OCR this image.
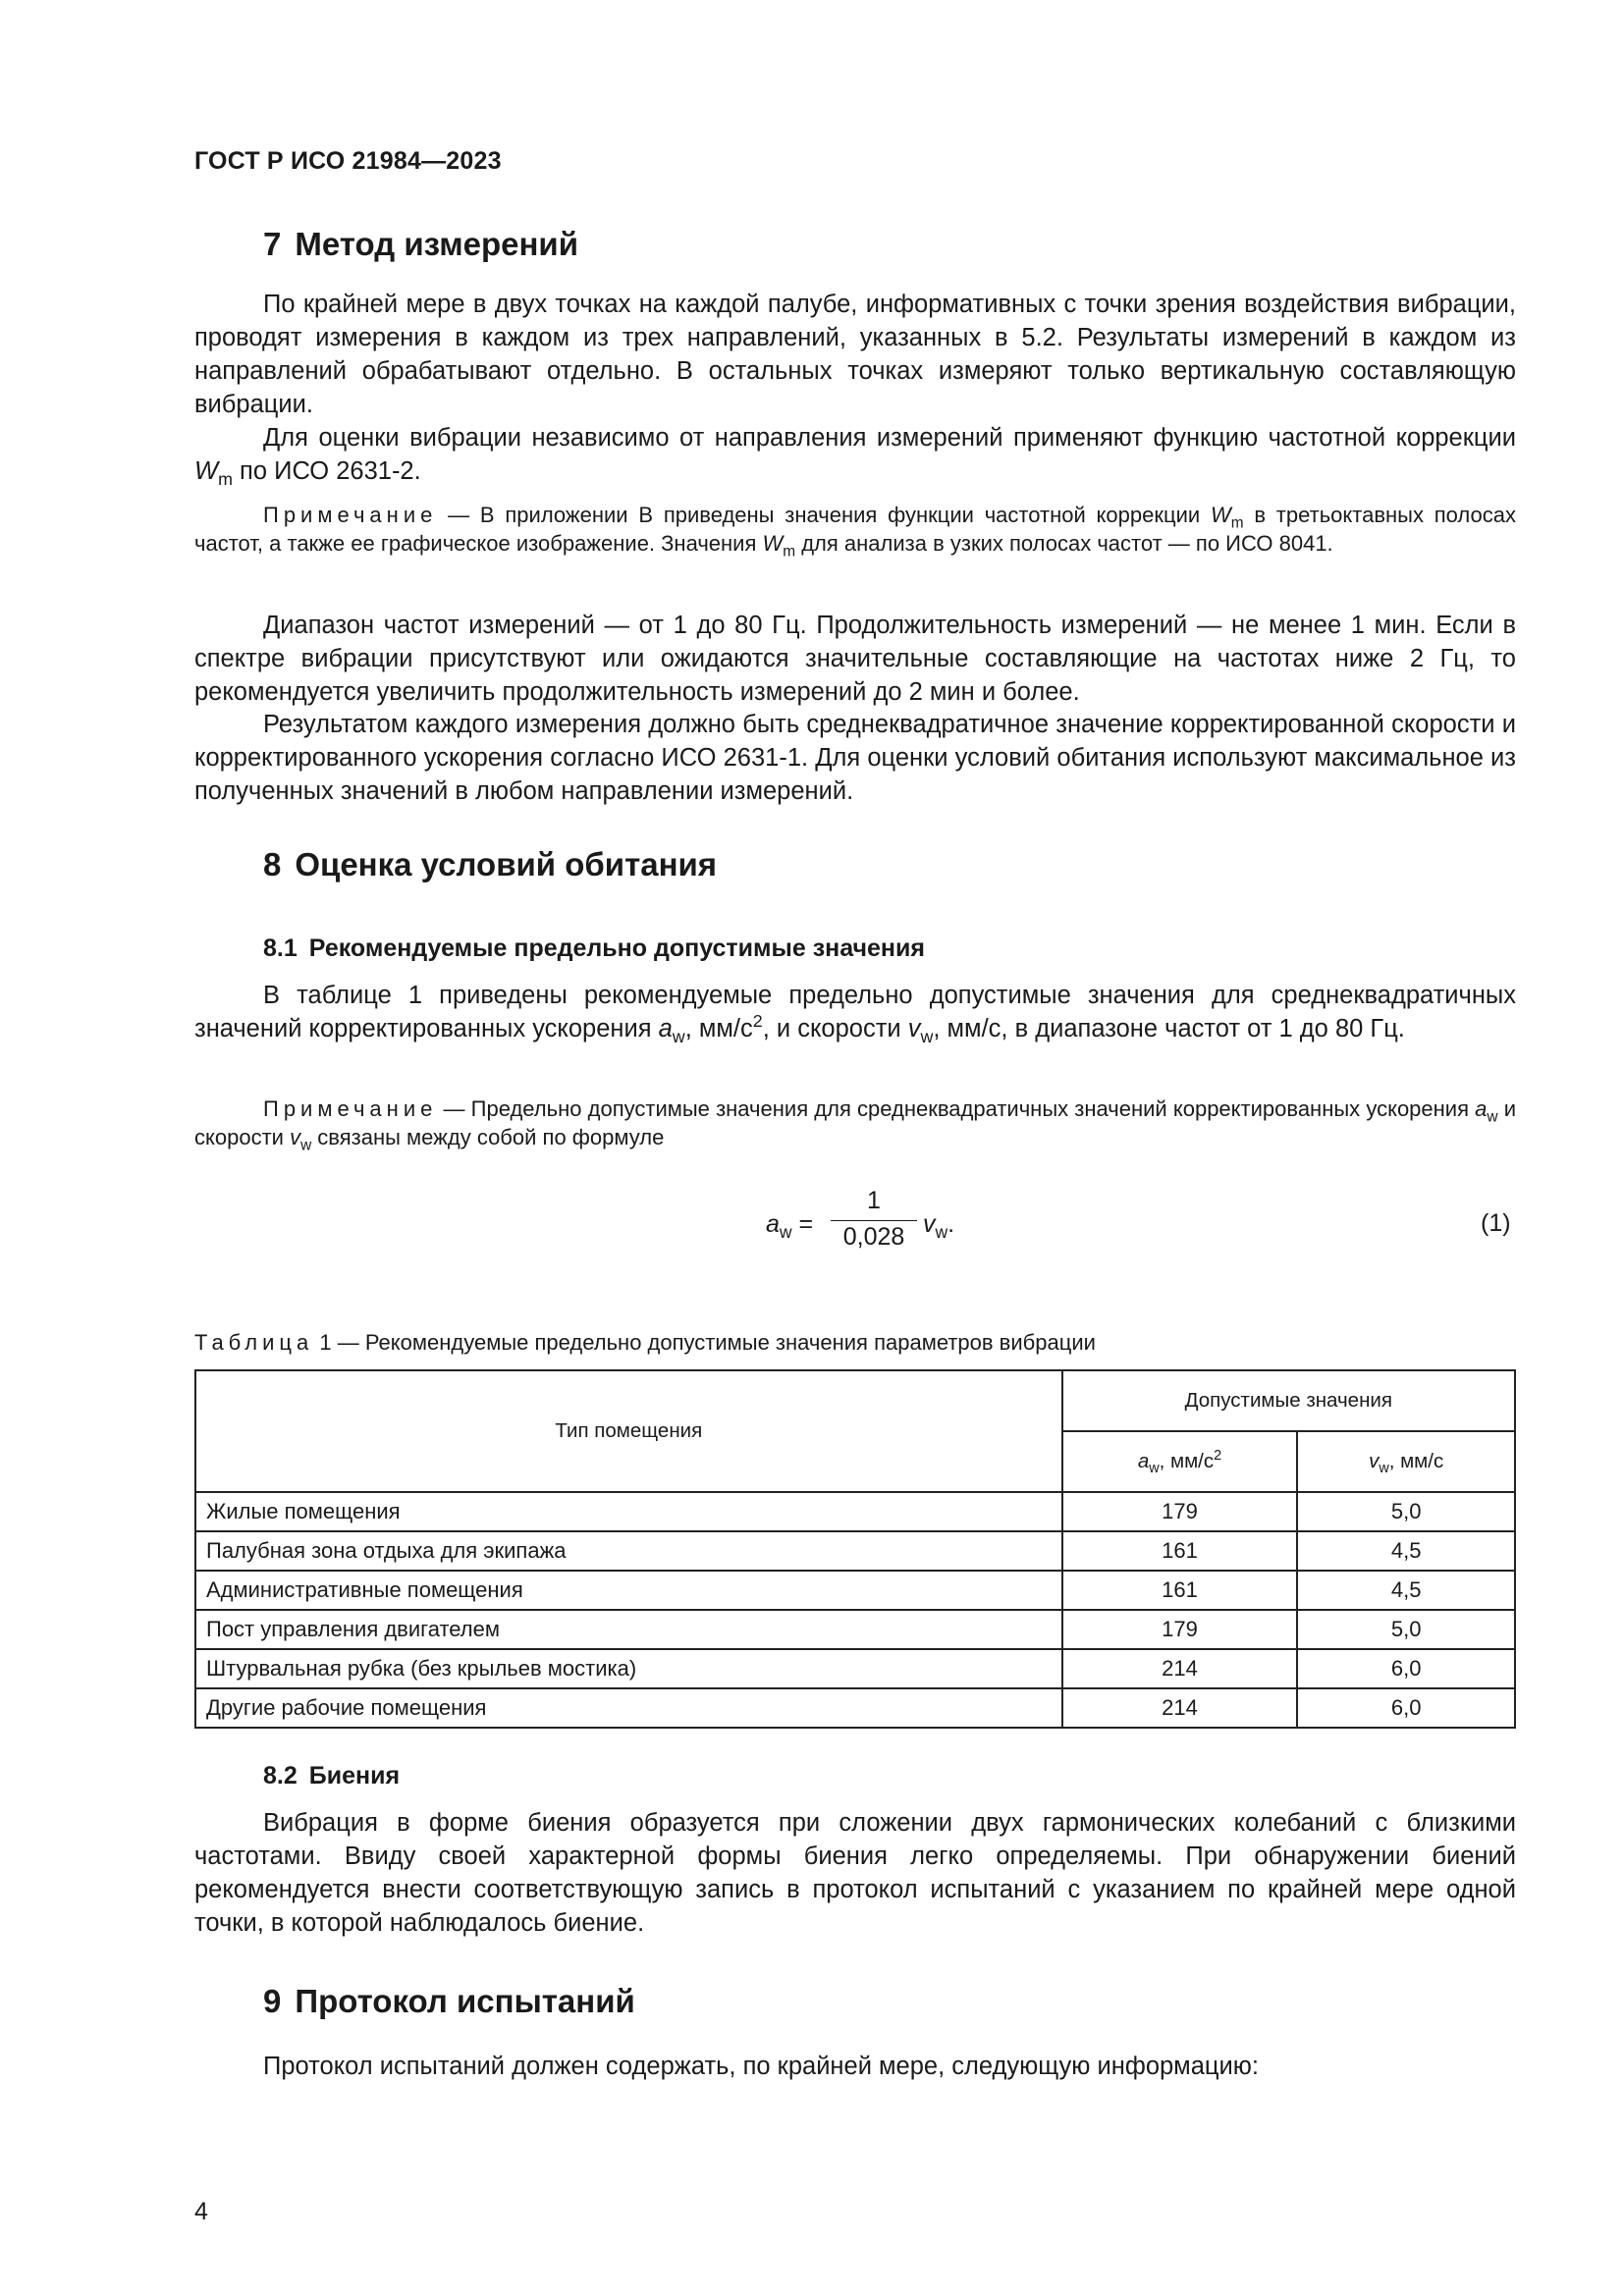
ГОСТ Р ИСО 21984—2023
7 Метод измерений

По крайней мере в двух точках на каждой палубе, информативных с точки зрения воздействия вибрации, проводят измерения в каждом из трех направлений, указанных в 5.2. Результаты измерений в каждом из направлений обрабатывают отдельно. В остальных точках измеряют только вертикальную составляющую вибрации.

Для оценки вибрации независимо от направления измерений применяют функцию частотной коррекции $W_m$ по ИСО 2631-2.

Примечание — В приложении В приведены значения функции частотной коррекции $W_m$ в третьоктавных полосах частот, а также ее графическое изображение. Значения $W_m$ для анализа в узких полосах частот — по ИСО 8041.

Диапазон частот измерений — от 1 до 80 Гц. Продолжительность измерений — не менее 1 мин. Если в спектре вибрации присутствуют или ожидаются значительные составляющие на частотах ниже 2 Гц, то рекомендуется увеличить продолжительность измерений до 2 мин и более.

Результатом каждого измерения должно быть среднеквадратичное значение корректированной скорости и корректированного ускорения согласно ИСО 2631-1. Для оценки условий обитания используют максимальное из полученных значений в любом направлении измерений.

8 Оценка условий обитания
8.1 Рекомендуемые предельно допустимые значения

В таблице 1 приведены рекомендуемые предельно допустимые значения для среднеквадратичных значений корректированных ускорения $a_w$, $мм/с^2$, и скорости $v_w$, мм/с, в диапазоне частот от 1 до 80 Гц.

Примечание — Предельно допустимые значения для среднеквадратичных значений корректированных ускорения $a_w$ и скорости $v_w$ связаны между собой по формуле

$a_w$ =
1
0,028 $v_w$.	(1)
Таблица 1 — Рекомендуемые предельно допустимые значения параметров вибрации
Тип помещения	Допустимые значения	
	$a_w$, $мм/с^2$	$v_w$, мм/с
Жилые помещения	179	5,0
Палубная зона отдыха для экипажа	161	4,5
Административные помещения	161	4,5
Пост управления двигателем	179	5,0
Штурвальная рубка (без крыльев мостика)	214	6,0
Другие рабочие помещения	214	6,0
8.2 Биения

Вибрация в форме биения образуется при сложении двух гармонических колебаний с близкими частотами. Ввиду своей характерной формы биения легко определяемы. При обнаружении биений рекомендуется внести соответствующую запись в протокол испытаний с указанием по крайней мере одной точки, в которой наблюдалось биение.

9 Протокол испытаний

Протокол испытаний должен содержать, по крайней мере, следующую информацию:

4
